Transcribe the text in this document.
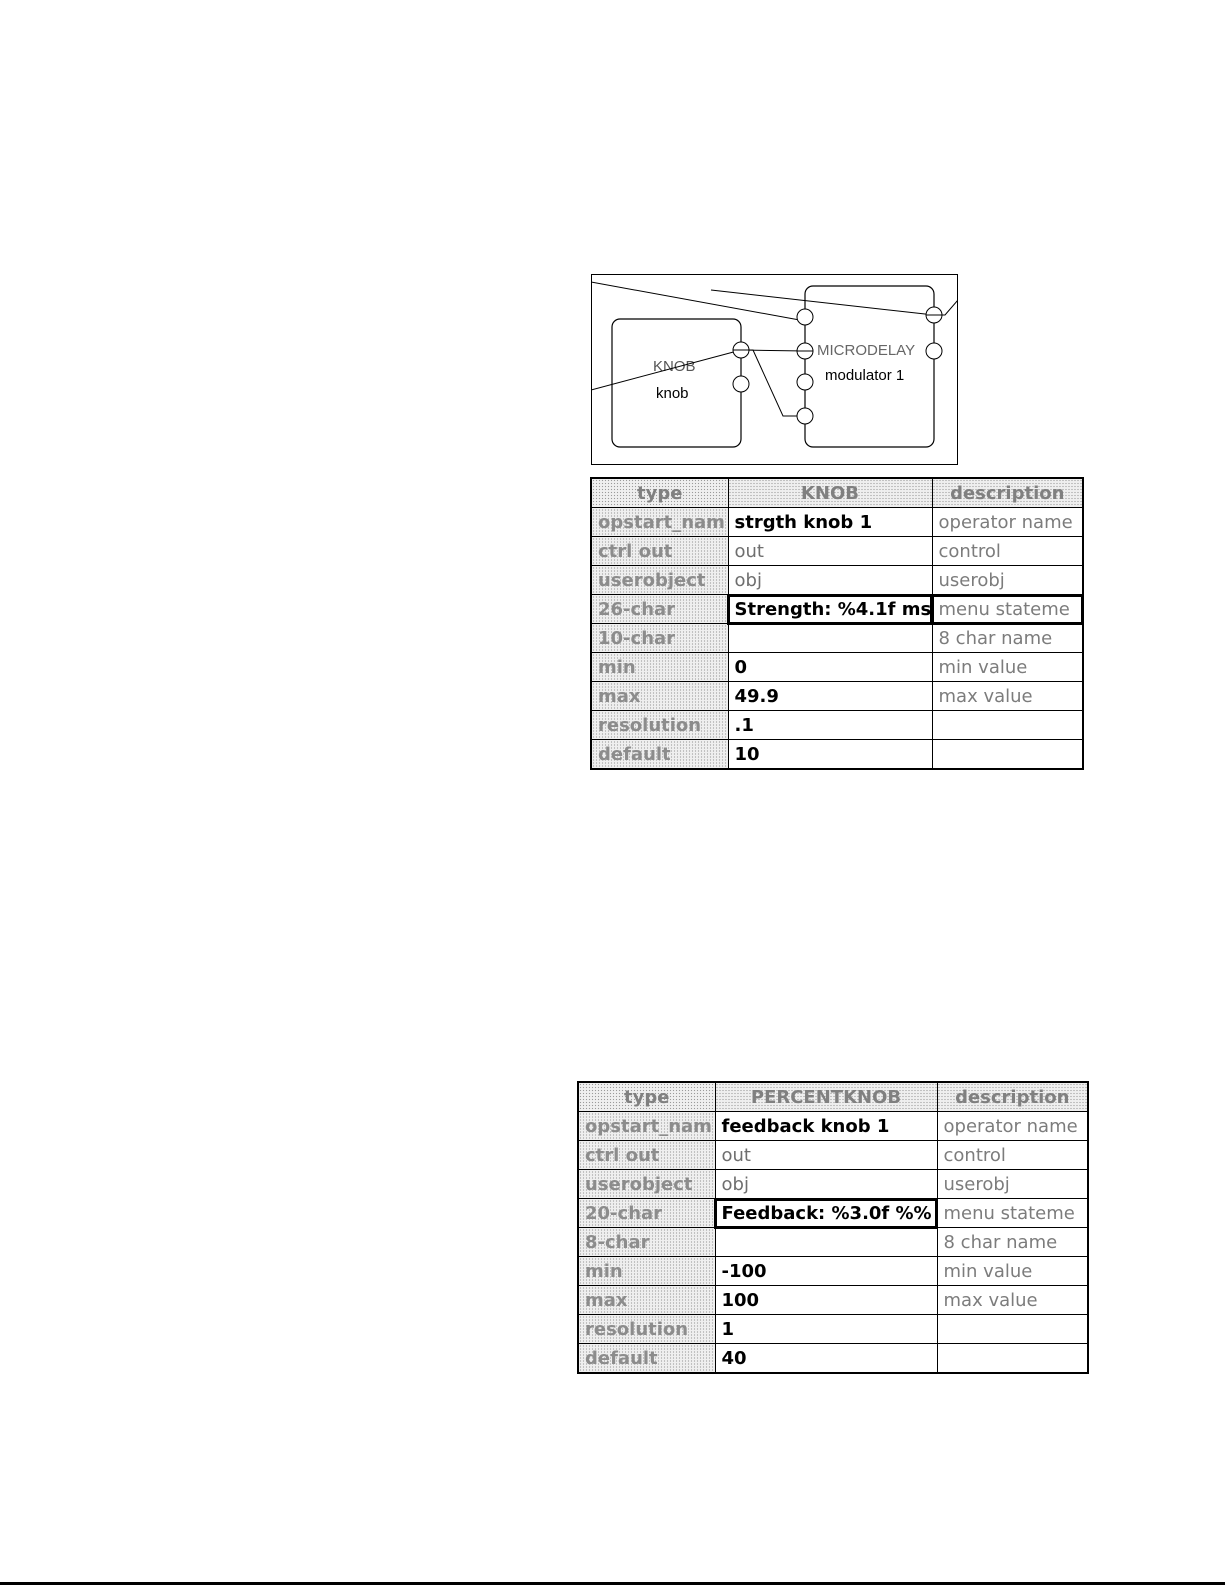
KNOB
knob
MICRODELAY
modulator 1
type	KNOB	description
opstart_nam	strgth knob 1	operator name
ctrl out	out	control
userobject	obj	userobj
26-char	Strength: %4.1f ms	menu stateme
10-char		8 char name
min	0	min value
max	49.9	max value
resolution	.1	
default	10	
type	PERCENTKNOB	description
opstart_nam	feedback knob 1	operator name
ctrl out	out	control
userobject	obj	userobj
20-char	Feedback: %3.0f %%	menu stateme
8-char		8 char name
min	-100	min value
max	100	max value
resolution	1	
default	40	
